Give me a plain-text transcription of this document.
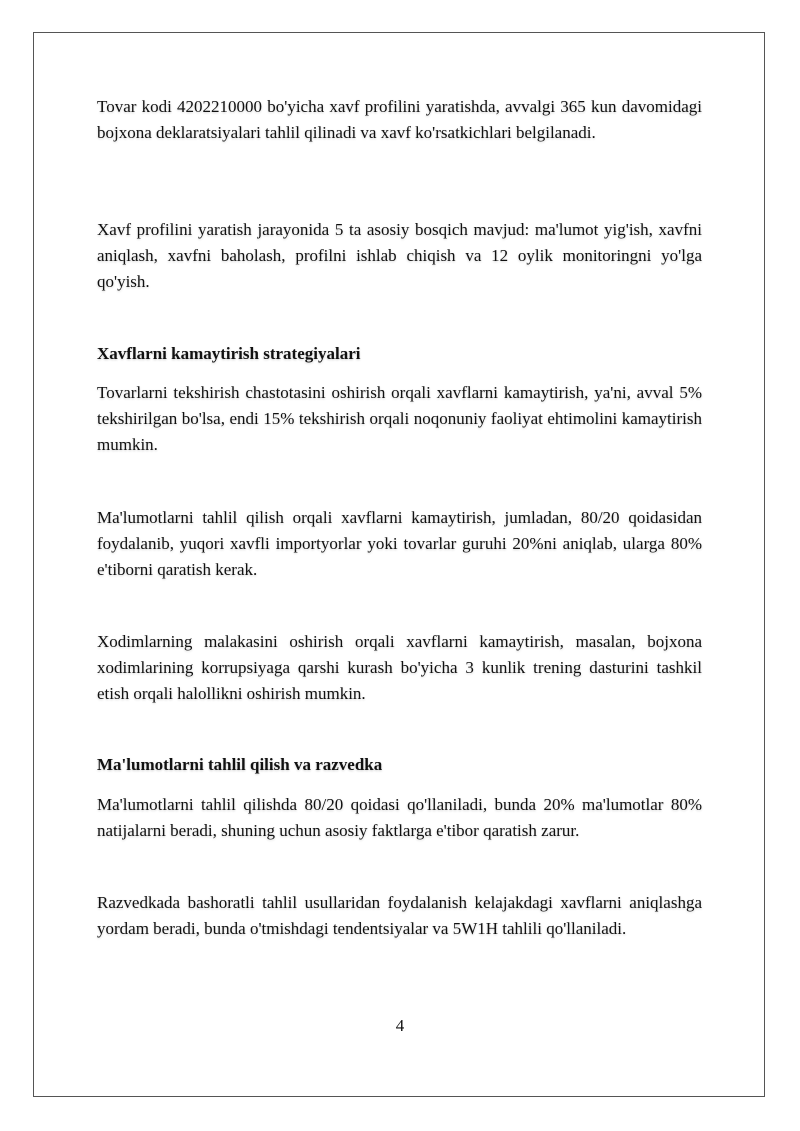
Tovar kodi 4202210000 bo'yicha xavf profilini yaratishda, avvalgi 365 kun davomidagi bojxona deklaratsiyalari tahlil qilinadi va xavf ko'rsatkichlari belgilanadi.

Xavf profilini yaratish jarayonida 5 ta asosiy bosqich mavjud: ma'lumot yig'ish, xavfni aniqlash, xavfni baholash, profilni ishlab chiqish va 12 oylik monitoringni yo'lga qo'yish.

Xavflarni kamaytirish strategiyalari

Tovarlarni tekshirish chastotasini oshirish orqali xavflarni kamaytirish, ya'ni, avval 5% tekshirilgan bo'lsa, endi 15% tekshirish orqali noqonuniy faoliyat ehtimolini kamaytirish mumkin.

Ma'lumotlarni tahlil qilish orqali xavflarni kamaytirish, jumladan, 80/20 qoidasidan foydalanib, yuqori xavfli importyorlar yoki tovarlar guruhi 20%ni aniqlab, ularga 80% e'tiborni qaratish kerak.

Xodimlarning malakasini oshirish orqali xavflarni kamaytirish, masalan, bojxona xodimlarining korrupsiyaga qarshi kurash bo'yicha 3 kunlik trening dasturini tashkil etish orqali halollikni oshirish mumkin.

Ma'lumotlarni tahlil qilish va razvedka

Ma'lumotlarni tahlil qilishda 80/20 qoidasi qo'llaniladi, bunda 20% ma'lumotlar 80% natijalarni beradi, shuning uchun asosiy faktlarga e'tibor qaratish zarur.

Razvedkada bashoratli tahlil usullaridan foydalanish kelajakdagi xavflarni aniqlashga yordam beradi, bunda o'tmishdagi tendentsiyalar va 5W1H tahlili qo'llaniladi.

4
